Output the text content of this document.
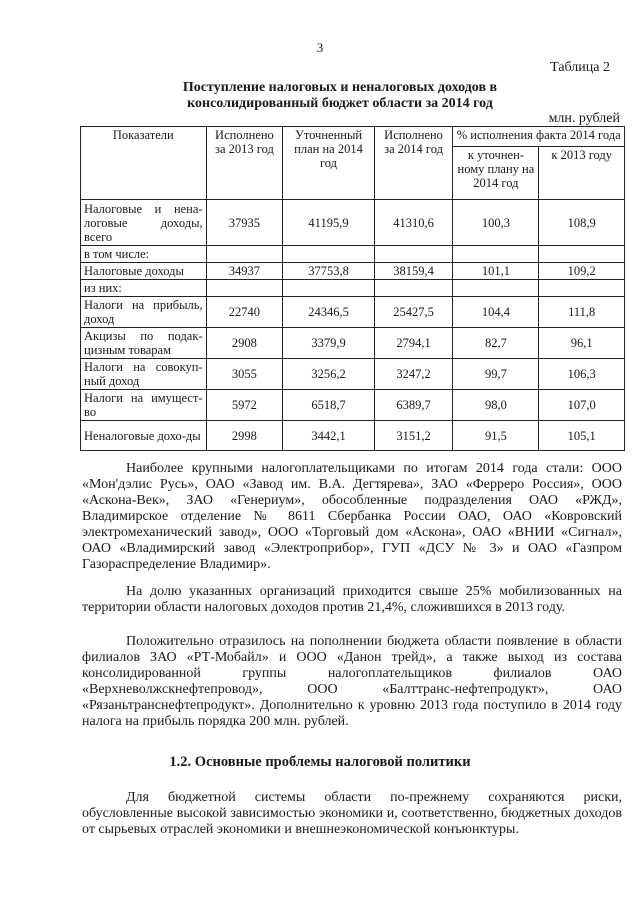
3
Таблица 2
Поступление налоговых и неналоговых доходов в
консолидированный бюджет области за 2014 год
млн. рублей
Показатели	Исполнено за 2013 год	Уточненный план на 2014 год	Исполнено за 2014 год	% исполнения факта 2014 года	
				к уточнен-ному плану на 2014 год	к 2013 году
Налоговые и нена-логовые доходы, всего	37935	41195,9	41310,6	100,3	108,9
в том числе:					
Налоговые доходы	34937	37753,8	38159,4	101,1	109,2
из них:					
Налоги на прибыль, доход	22740	24346,5	25427,5	104,4	111,8
Акцизы по подак-цизным товарам	2908	3379,9	2794,1	82,7	96,1
Налоги на совокуп-ный доход	3055	3256,2	3247,2	99,7	106,3
Налоги на имущест-во	5972	6518,7	6389,7	98,0	107,0
Неналоговые дохо-ды	2998	3442,1	3151,2	91,5	105,1

Наиболее крупными налогоплательщиками по итогам 2014 года стали: ООО «Мон'дэлис Русь», ОАО «Завод им. В.А. Дегтярева», ЗАО «Ферреро Россия», ООО «Аскона-Век», ЗАО «Генериум», обособленные подразделения ОАО «РЖД», Владимирское отделение № 8611 Сбербанка России ОАО, ОАО «Ковровский электромеханический завод», ООО «Торговый дом «Аскона», ОАО «ВНИИ «Сигнал», ОАО «Владимирский завод «Электроприбор», ГУП «ДСУ № 3» и ОАО «Газпром Газораспределение Владимир».

На долю указанных организаций приходится свыше 25% мобилизованных на территории области налоговых доходов против 21,4%, сложившихся в 2013 году.

Положительно отразилось на пополнении бюджета области появление в области филиалов ЗАО «РТ-Мобайл» и ООО «Данон трейд», а также выход из состава консолидированной группы налогоплательщиков филиалов ОАО «Верхневолжскнефтепровод», ООО «Балттранс-нефтепродукт», ОАО «Рязаньтранснефтепродукт». Дополнительно к уровню 2013 года поступило в 2014 году налога на прибыль порядка 200 млн. рублей.

1.2. Основные проблемы налоговой политики

Для бюджетной системы области по-прежнему сохраняются риски, обусловленные высокой зависимостью экономики и, соответственно, бюджетных доходов от сырьевых отраслей экономики и внешнеэкономической конъюнктуры.
